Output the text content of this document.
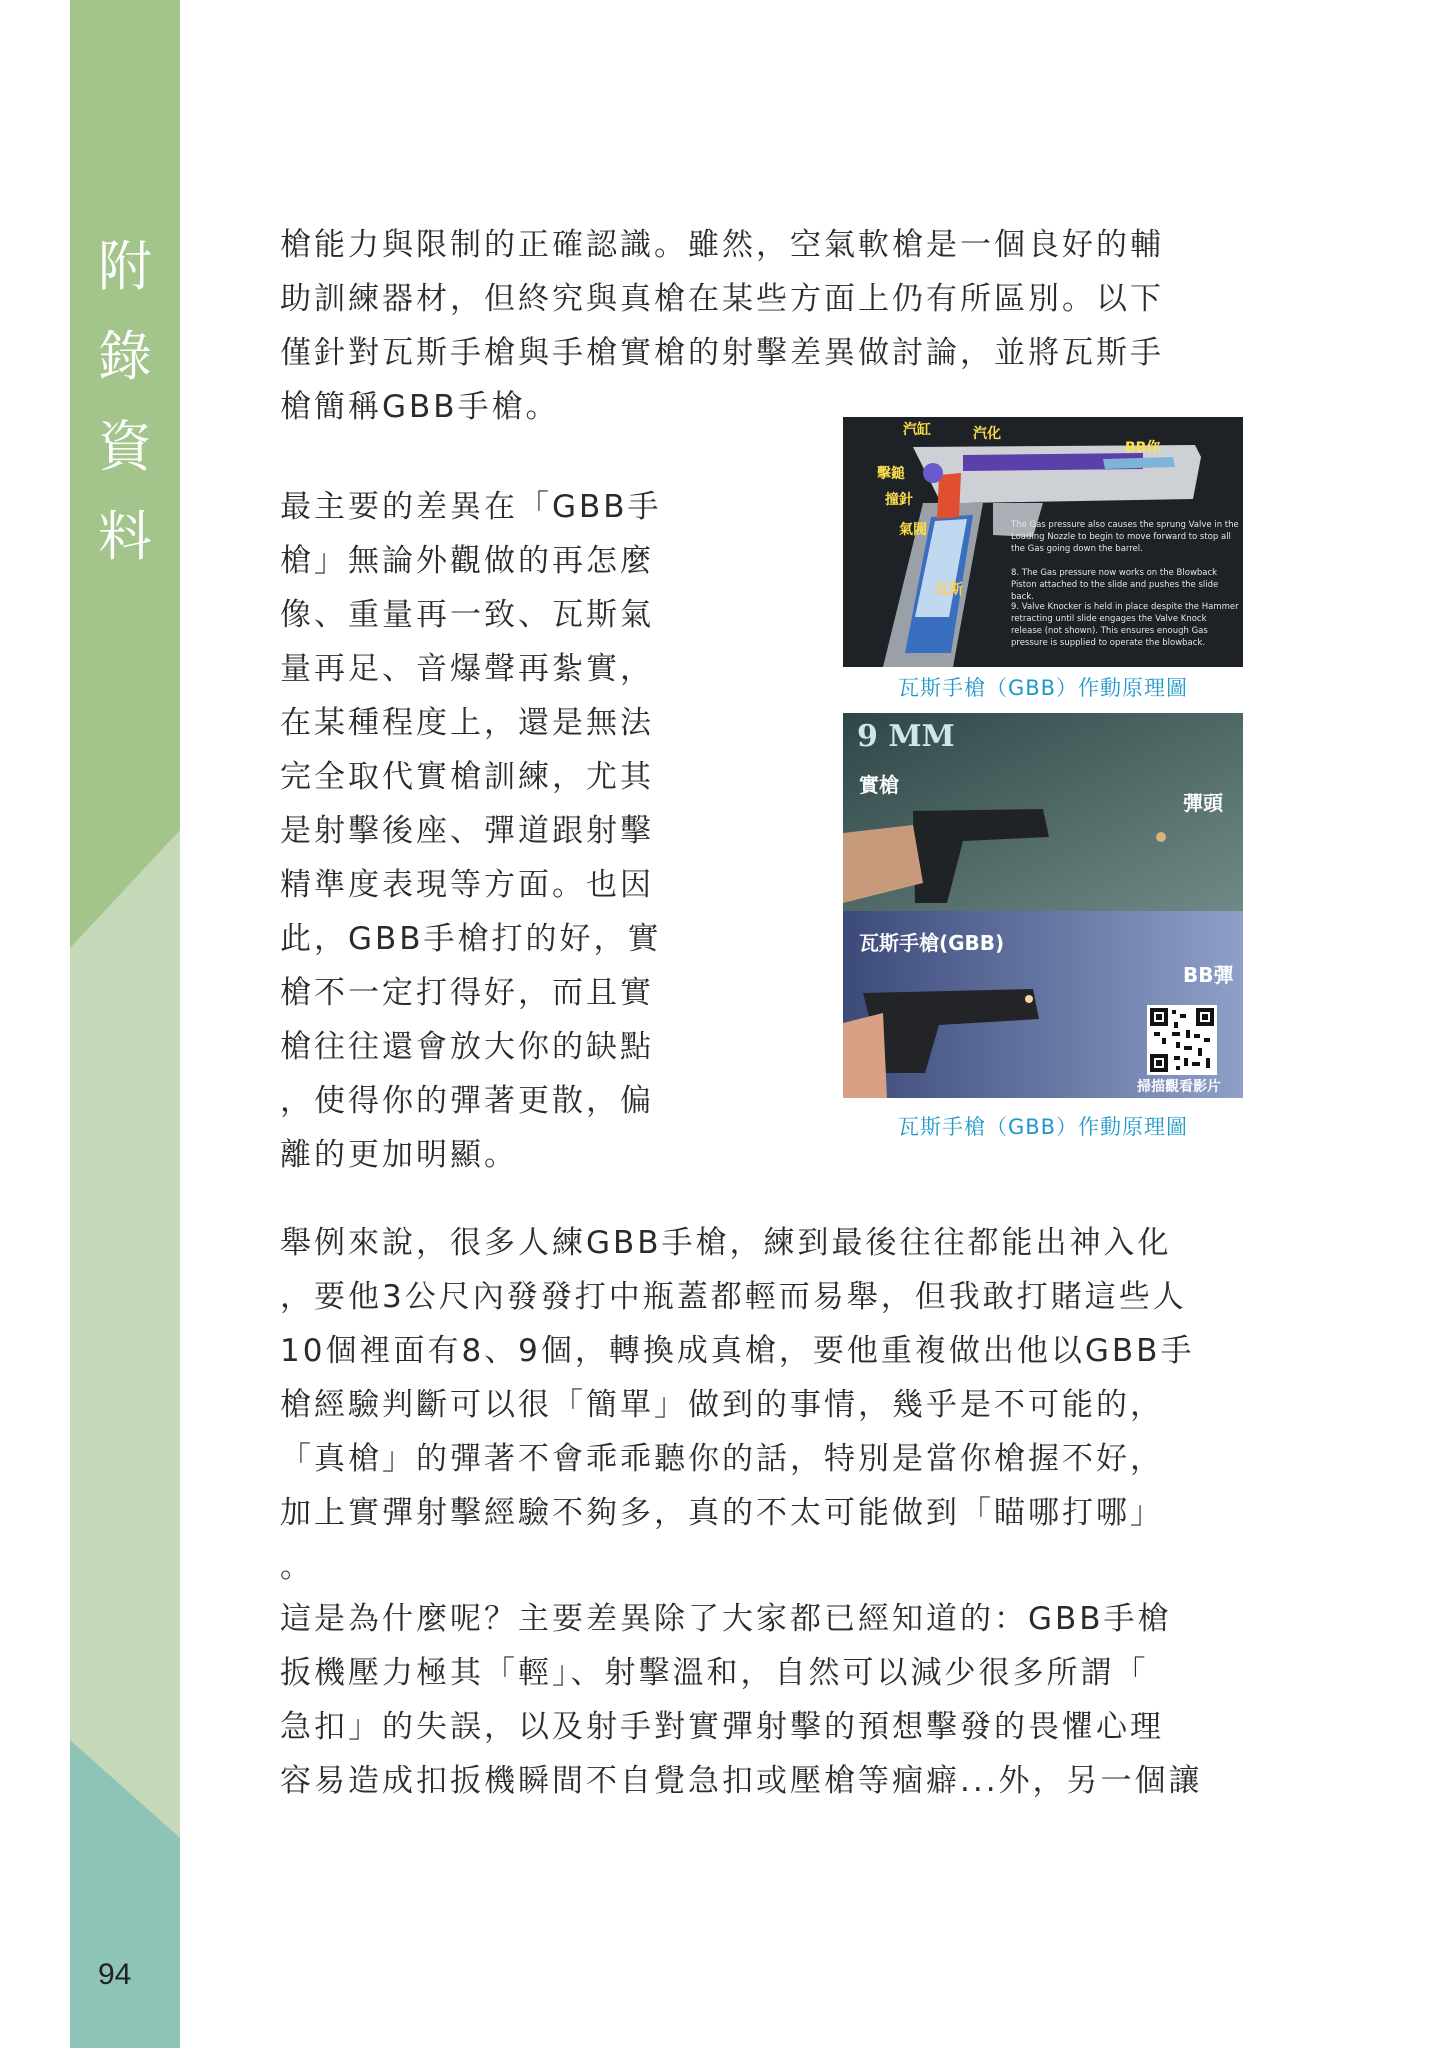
附
錄
資
料
94

槍能力與限制的正確認識。雖然，空氣軟槍是一個良好的輔

助訓練器材，但終究與真槍在某些方面上仍有所區別。以下

僅針對瓦斯手槍與手槍實槍的射擊差異做討論，並將瓦斯手

槍簡稱GBB手槍。

最主要的差異在「GBB手

槍」無論外觀做的再怎麼

像、重量再一致、瓦斯氣

量再足、音爆聲再紮實，

在某種程度上，還是無法

完全取代實槍訓練，尤其

是射擊後座、彈道跟射擊

精準度表現等方面。也因

此，GBB手槍打的好，實

槍不一定打得好，而且實

槍往往還會放大你的缺點

，使得你的彈著更散，偏

離的更加明顯。

汽缸	汽化
BB你
擊鎚
撞針
氣閥
瓦斯
The Gas pressure also causes the sprung Valve in the Loading Nozzle to begin to move forward to stop all the Gas going down the barrel.
8. The Gas pressure now works on the Blowback Piston attached to the slide and pushes the slide back.
9. Valve Knocker is held in place despite the Hammer retracting until slide engages the Valve Knock release (not shown). This ensures enough Gas pressure is supplied to operate the blowback.
瓦斯手槍（GBB）作動原理圖
9 MM
實槍
彈頭
瓦斯手槍(GBB)
BB彈
掃描觀看影片
瓦斯手槍（GBB）作動原理圖

舉例來說，很多人練GBB手槍，練到最後往往都能出神入化

，要他3公尺內發發打中瓶蓋都輕而易舉，但我敢打賭這些人

10個裡面有8、9個，轉換成真槍，要他重複做出他以GBB手

槍經驗判斷可以很「簡單」做到的事情，幾乎是不可能的，

「真槍」的彈著不會乖乖聽你的話，特別是當你槍握不好，

加上實彈射擊經驗不夠多，真的不太可能做到「瞄哪打哪」

。

這是為什麼呢？主要差異除了大家都已經知道的：GBB手槍

扳機壓力極其「輕」、射擊溫和，自然可以減少很多所謂「

急扣」的失誤，以及射手對實彈射擊的預想擊發的畏懼心理

容易造成扣扳機瞬間不自覺急扣或壓槍等痼癖...外，另一個讓
